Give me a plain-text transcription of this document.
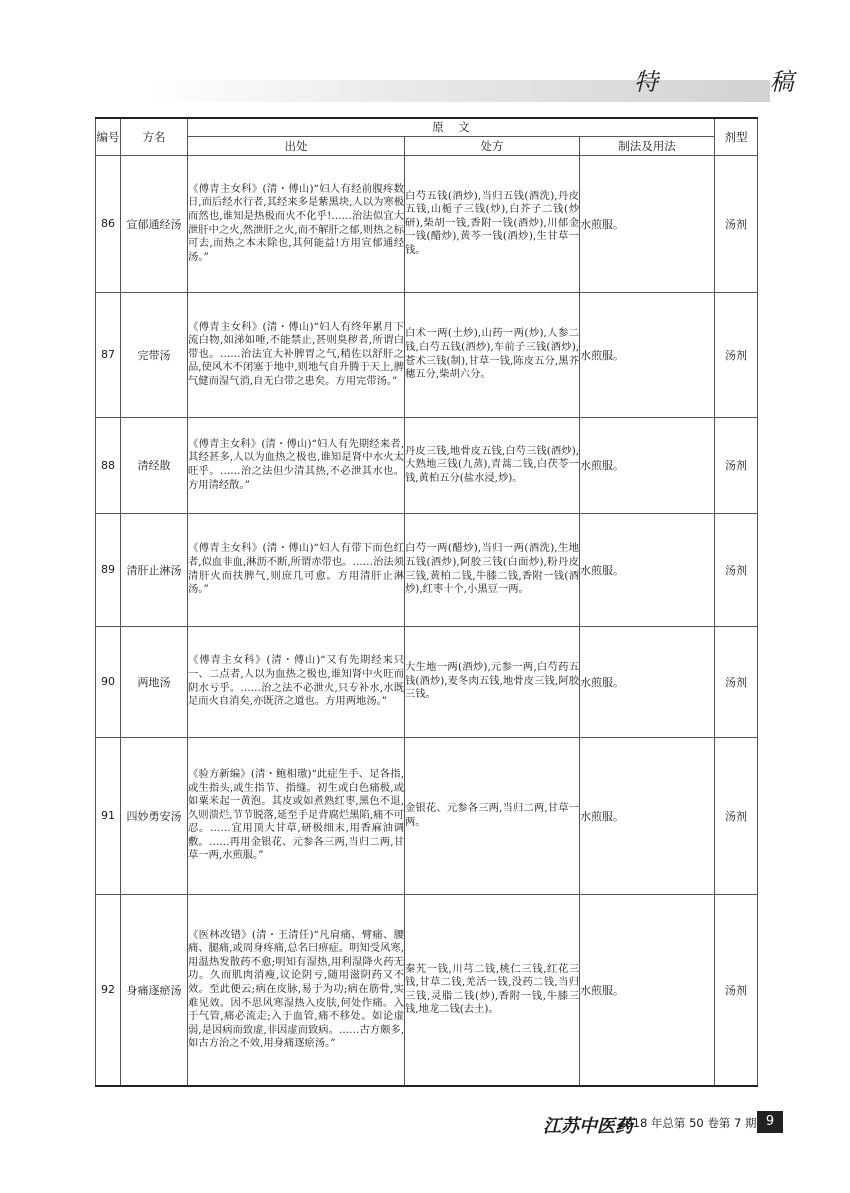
特 稿
编号	方名	原    文			剂型
		出处	处方	制法及用法	
86	宣郁通经汤	《傅青主女科》(清・傅山)“妇人有经前腹疼数日,而后经水行者,其经来多是紫黑块,人以为寒极而然也,谁知是热极而火不化乎!……治法似宜大泄肝中之火,然泄肝之火,而不解肝之郁,则热之标可去,而热之本未除也,其何能益!方用宣郁通经汤。”	白芍五钱(酒炒),当归五钱(酒洗),丹皮五钱,山栀子三钱(炒),白芥子二钱(炒研),柴胡一钱,香附一钱(酒炒),川郁金一钱(醋炒),黄芩一钱(酒炒),生甘草一钱。	水煎服。	汤剂
87	完带汤	《傅青主女科》(清・傅山)“妇人有终年累月下流白物,如涕如唾,不能禁止,甚则臭秽者,所谓白带也。……治法宜大补脾胃之气,稍佐以舒肝之品,使风木不闭塞于地中,则地气自升腾于天上,脾气健而湿气消,自无白带之患矣。方用完带汤。”	白术一两(土炒),山药一两(炒),人参二钱,白芍五钱(酒炒),车前子三钱(酒炒),苍术三钱(制),甘草一钱,陈皮五分,黑芥穗五分,柴胡六分。	水煎服。	汤剂
88	清经散	《傅青主女科》(清・傅山)“妇人有先期经来者,其经甚多,人以为血热之极也,谁知是肾中水火太旺乎。……治之法但少清其热,不必泄其水也。方用清经散。”	丹皮三钱,地骨皮五钱,白芍三钱(酒炒),大熟地三钱(九蒸),青蒿二钱,白茯苓一钱,黄柏五分(盐水浸,炒)。	水煎服。	汤剂
89	清肝止淋汤	《傅青主女科》(清・傅山)“妇人有带下而色红者,似血非血,淋沥不断,所谓赤带也。……治法须清肝火而扶脾气,则庶几可愈。方用清肝止淋汤。”	白芍一两(醋炒),当归一两(酒洗),生地五钱(酒炒),阿胶三钱(白面炒),粉丹皮三钱,黄柏二钱,牛膝二钱,香附一钱(酒炒),红枣十个,小黑豆一两。	水煎服。	汤剂
90	两地汤	《傅青主女科》(清・傅山)“又有先期经来只一、二点者,人以为血热之极也,谁知肾中火旺而阴水亏乎。……治之法不必泄火,只专补水,水既足而火自消矣,亦既济之道也。方用两地汤。”	大生地一两(酒炒),元参一两,白芍药五钱(酒炒),麦冬肉五钱,地骨皮三钱,阿胶三钱。	水煎服。	汤剂
91	四妙勇安汤	《验方新编》(清・鲍相璈)“此症生手、足各指,或生指头,或生指节、指缝。初生或白色痛极,或如粟米起一黄泡。其皮或如煮熟红枣,黑色不退,久则溃烂,节节脱落,延至手足背腐烂黑陷,痛不可忍。……宜用顶大甘草,研极细末,用香麻油调敷。……再用金银花、元参各三两,当归二两,甘草一两,水煎服。”	金银花、元参各三两,当归二两,甘草一两。	水煎服。	汤剂
92	身痛逐瘀汤	《医林改错》(清・王清任)“凡肩痛、臂痛、腰痛、腿痛,或周身疼痛,总名曰痹症。明知受风寒,用温热发散药不愈;明知有湿热,用利湿降火药无功。久而肌肉消瘦,议论阴亏,随用滋阴药又不效。至此便云;病在皮脉,易于为功;病在筋骨,实难见效。因不思风寒湿热入皮肤,何处作痛。入于气管,痛必流走;入于血管,痛不移处。如论虚弱,是因病而致虚,非因虚而致病。……古方颇多,如古方治之不效,用身痛逐瘀汤。”	秦艽一钱,川芎二钱,桃仁三钱,红花三钱,甘草二钱,羌活一钱,没药二钱,当归三钱,灵脂二钱(炒),香附一钱,牛膝三钱,地龙二钱(去土)。	水煎服。	汤剂
江苏中医药
2018 年总第 50 卷第 7 期 9
